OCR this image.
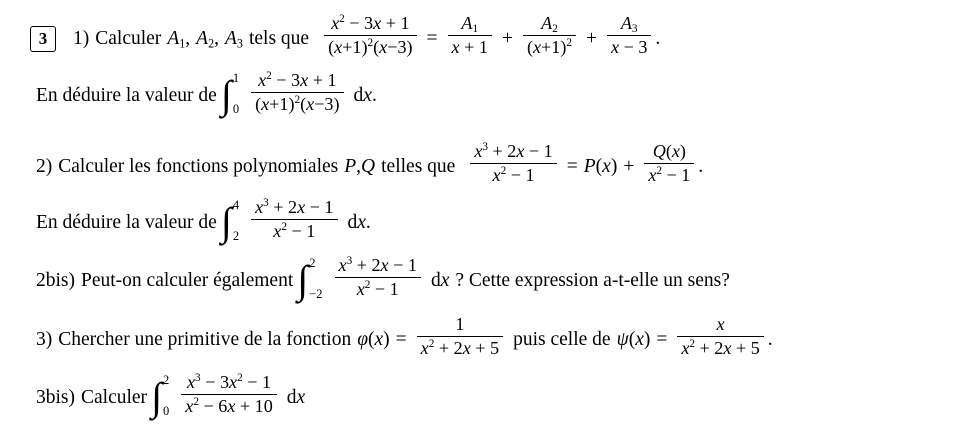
3	1) Calculer $A_1$ , $A_2$ , $A_3$ tels que $\frac{x^2 - 3x + 1}{(x+1)^2(x-3)} = \frac{A_1}{x + 1} + \frac{A_2}{(x+1)^2} + \frac{A_3}{x - 3}$ .
En déduire la valeur de ∫ 1
$0 \frac{x^2 - 3x + 1}{(x+1)^2(x-3)}$ dx .
2) Calculer les fonctions polynomiales P , Q telles que $\frac{x^3 + 2x - 1}{x^2 - 1} = P(x) + \frac{Q(x)}{x^2 - 1}$ .
En déduire la valeur de ∫ 4
$2 \frac{x^3 + 2x - 1}{x^2 - 1}$ dx .
2bis) Peut-on calculer également ∫ 2
$-2 \frac{x^3 + 2x - 1}{x^2 - 1}$ dx ? Cette expression a-t-elle un sens?
3) Chercher une primitive de la fonction $\varphi(x) = \frac{1}{x^2 + 2x + 5}$ puis celle de $\psi(x) = \frac{x}{x^2 + 2x + 5}$ .
3bis) Calculer ∫ 2
$0 \frac{x^3 - 3x^2 - 1}{x^2 - 6x + 10}$ dx
